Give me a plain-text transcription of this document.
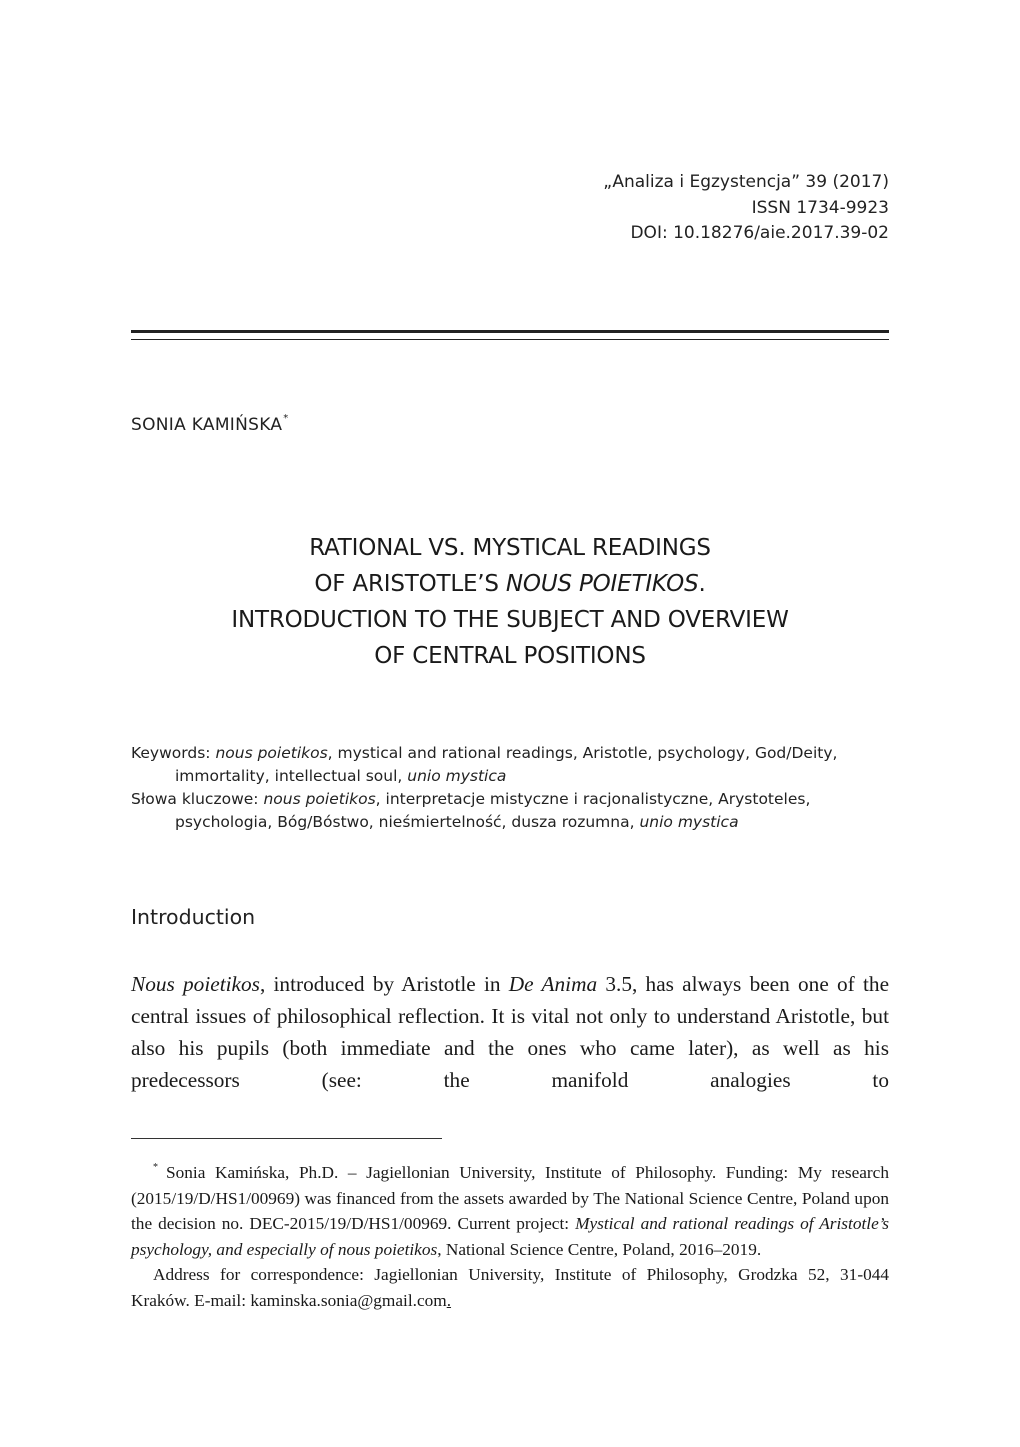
„Analiza i Egzystencja” 39 (2017)
ISSN 1734-9923
DOI: 10.18276/aie.2017.39-02
SONIA KAMIŃSKA*
RATIONAL VS. MYSTICAL READINGS
OF ARISTOTLE’S NOUS POIETIKOS.
INTRODUCTION TO THE SUBJECT AND OVERVIEW
OF CENTRAL POSITIONS

Keywords: nous poietikos, mystical and rational readings, Aristotle, psychology, God/Deity, immortality, intellectual soul, unio mystica

Słowa kluczowe: nous poietikos, interpretacje mistyczne i racjonalistyczne, Arystoteles, psychologia, Bóg/Bóstwo, nieśmiertelność, dusza rozumna, unio mystica

Introduction
Nous poietikos, introduced by Aristotle in De Anima 3.5, has always been one of the central issues of philosophical reflection. It is vital not only to understand Aristotle, but also his pupils (both immediate and the ones who came later), as well as his predecessors (see: the manifold analogies to

* Sonia Kamińska, Ph.D. – Jagiellonian University, Institute of Philosophy. Funding: My research (2015/19/D/HS1/00969) was financed from the assets awarded by The National Science Centre, Poland upon the decision no. DEC-2015/19/D/HS1/00969. Current project: Mystical and rational readings of Aristotle’s psychology, and especially of nous poietikos, National Science Centre, Poland, 2016–2019.

Address for correspondence: Jagiellonian University, Institute of Philosophy, Grodzka 52, 31-044 Kraków. E-mail: kaminska.sonia@gmail.com.
